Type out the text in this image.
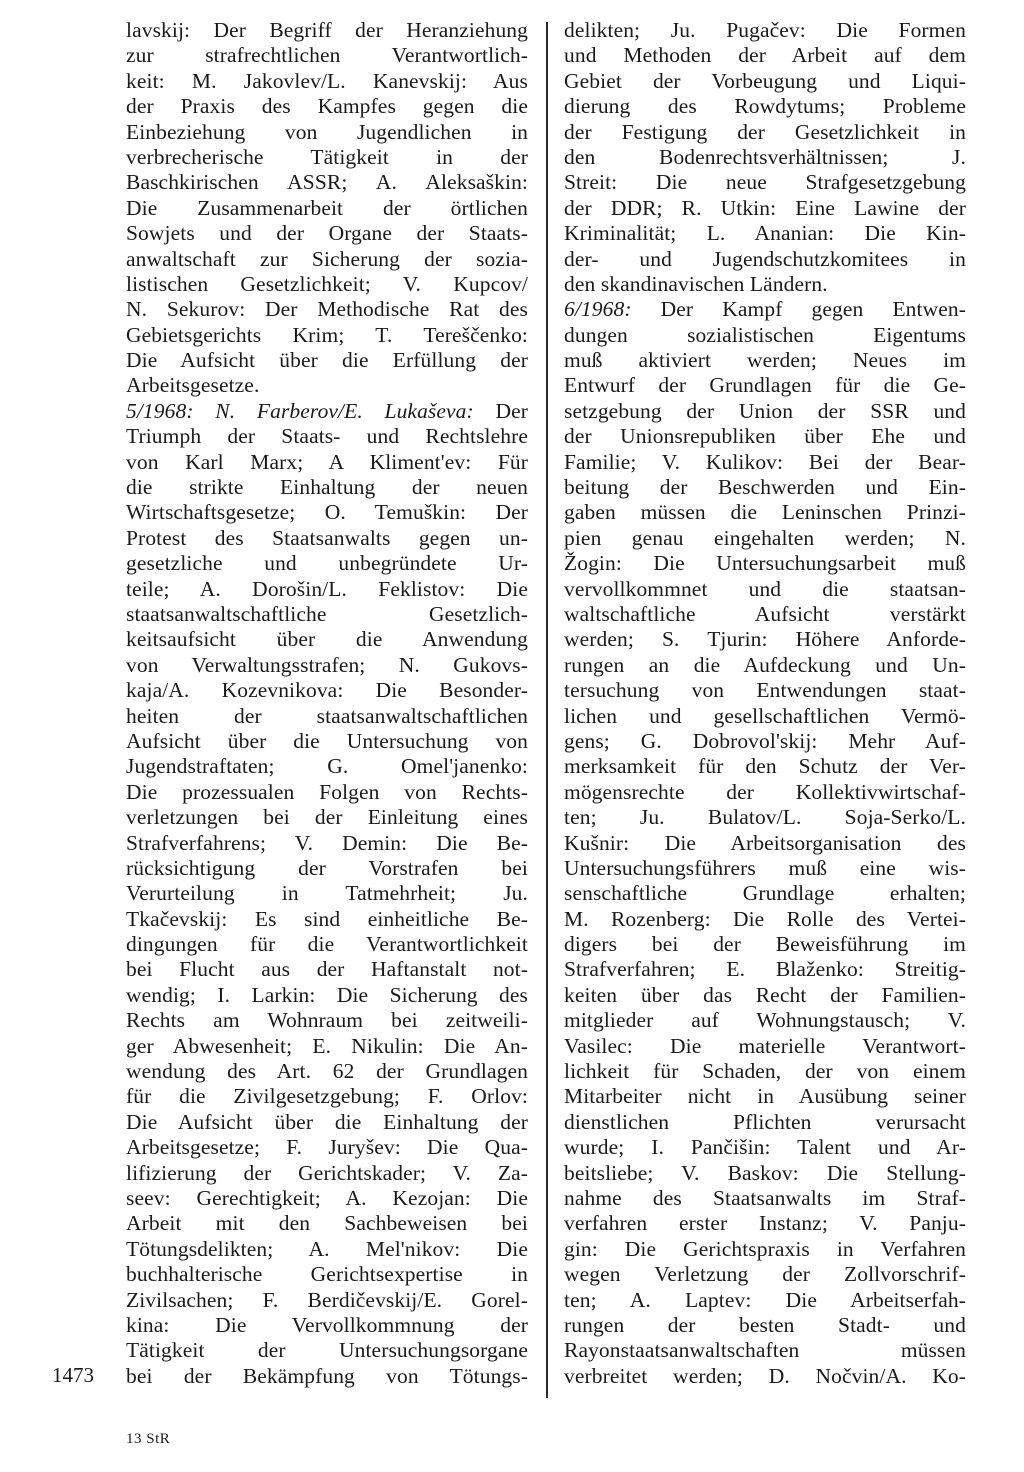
lavskij: Der Begriff der Heranziehung
zur strafrechtlichen Verantwortlich-
keit: M. Jakovlev/L. Kanevskij: Aus
der Praxis des Kampfes gegen die
Einbeziehung von Jugendlichen in
verbrecherische Tätigkeit in der
Baschkirischen ASSR; A. Aleksaškin:
Die Zusammenarbeit der örtlichen
Sowjets und der Organe der Staats-
anwaltschaft zur Sicherung der sozia-
listischen Gesetzlichkeit; V. Kupcov/
N. Sekurov: Der Methodische Rat des
Gebietsgerichts Krim; T. Tereščenko:
Die Aufsicht über die Erfüllung der
Arbeitsgesetze.
5/1968: N. Farberov/E. Lukaševa: Der
Triumph der Staats- und Rechtslehre
von Karl Marx; A Kliment'ev: Für
die strikte Einhaltung der neuen
Wirtschaftsgesetze; O. Temuškin: Der
Protest des Staatsanwalts gegen un-
gesetzliche und unbegründete Ur-
teile; A. Dorošin/L. Feklistov: Die
staatsanwaltschaftliche Gesetzlich-
keitsaufsicht über die Anwendung
von Verwaltungsstrafen; N. Gukovs-
kaja/A. Kozevnikova: Die Besonder-
heiten der staatsanwaltschaftlichen
Aufsicht über die Untersuchung von
Jugendstraftaten; G. Omel'janenko:
Die prozessualen Folgen von Rechts-
verletzungen bei der Einleitung eines
Strafverfahrens; V. Demin: Die Be-
rücksichtigung der Vorstrafen bei
Verurteilung in Tatmehrheit; Ju.
Tkačevskij: Es sind einheitliche Be-
dingungen für die Verantwortlichkeit
bei Flucht aus der Haftanstalt not-
wendig; I. Larkin: Die Sicherung des
Rechts am Wohnraum bei zeitweili-
ger Abwesenheit; E. Nikulin: Die An-
wendung des Art. 62 der Grundlagen
für die Zivilgesetzgebung; F. Orlov:
Die Aufsicht über die Einhaltung der
Arbeitsgesetze; F. Juryšev: Die Qua-
lifizierung der Gerichtskader; V. Za-
seev: Gerechtigkeit; A. Kezojan: Die
Arbeit mit den Sachbeweisen bei
Tötungsdelikten; A. Mel'nikov: Die
buchhalterische Gerichtsexpertise in
Zivilsachen; F. Berdičevskij/E. Gorel-
kina: Die Vervollkommnung der
Tätigkeit der Untersuchungsorgane
bei der Bekämpfung von Tötungs-
delikten; Ju. Pugačev: Die Formen
und Methoden der Arbeit auf dem
Gebiet der Vorbeugung und Liqui-
dierung des Rowdytums; Probleme
der Festigung der Gesetzlichkeit in
den Bodenrechtsverhältnissen; J.
Streit: Die neue Strafgesetzgebung
der DDR; R. Utkin: Eine Lawine der
Kriminalität; L. Ananian: Die Kin-
der- und Jugendschutzkomitees in
den skandinavischen Ländern.
6/1968: Der Kampf gegen Entwen-
dungen sozialistischen Eigentums
muß aktiviert werden; Neues im
Entwurf der Grundlagen für die Ge-
setzgebung der Union der SSR und
der Unionsrepubliken über Ehe und
Familie; V. Kulikov: Bei der Bear-
beitung der Beschwerden und Ein-
gaben müssen die Leninschen Prinzi-
pien genau eingehalten werden; N.
Žogin: Die Untersuchungsarbeit muß
vervollkommnet und die staatsan-
waltschaftliche Aufsicht verstärkt
werden; S. Tjurin: Höhere Anforde-
rungen an die Aufdeckung und Un-
tersuchung von Entwendungen staat-
lichen und gesellschaftlichen Vermö-
gens; G. Dobrovol'skij: Mehr Auf-
merksamkeit für den Schutz der Ver-
mögensrechte der Kollektivwirtschaf-
ten; Ju. Bulatov/L. Soja-Serko/L.
Kušnir: Die Arbeitsorganisation des
Untersuchungsführers muß eine wis-
senschaftliche Grundlage erhalten;
M. Rozenberg: Die Rolle des Vertei-
digers bei der Beweisführung im
Strafverfahren; E. Blaženko: Streitig-
keiten über das Recht der Familien-
mitglieder auf Wohnungstausch; V.
Vasilec: Die materielle Verantwort-
lichkeit für Schaden, der von einem
Mitarbeiter nicht in Ausübung seiner
dienstlichen Pflichten verursacht
wurde; I. Pančišin: Talent und Ar-
beitsliebe; V. Baskov: Die Stellung-
nahme des Staatsanwalts im Straf-
verfahren erster Instanz; V. Panju-
gin: Die Gerichtspraxis in Verfahren
wegen Verletzung der Zollvorschrif-
ten; A. Laptev: Die Arbeitserfah-
rungen der besten Stadt- und
Rayonstaatsanwaltschaften müssen
verbreitet werden; D. Nočvin/A. Ko-
1473
13 StR
